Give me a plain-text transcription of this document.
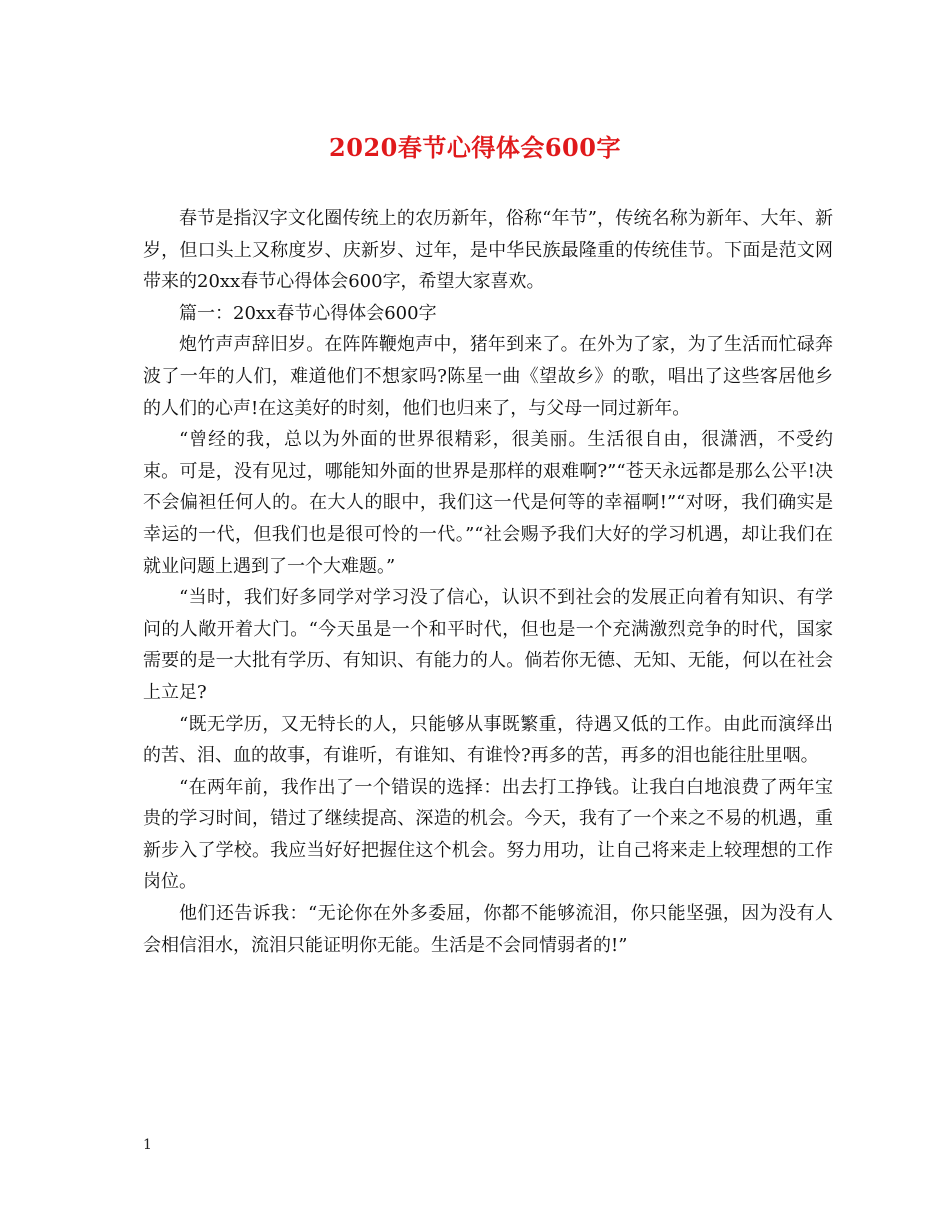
2020春节心得体会600字

春节是指汉字文化圈传统上的农历新年，俗称“年节”，传统名称为新年、大年、新岁，但口头上又称度岁、庆新岁、过年，是中华民族最隆重的传统佳节。下面是范文网带来的20xx春节心得体会600字，希望大家喜欢。

篇一：20xx春节心得体会600字

炮竹声声辞旧岁。在阵阵鞭炮声中，猪年到来了。在外为了家，为了生活而忙碌奔波了一年的人们，难道他们不想家吗?陈星一曲《望故乡》的歌，唱出了这些客居他乡的人们的心声!在这美好的时刻，他们也归来了，与父母一同过新年。

“曾经的我，总以为外面的世界很精彩，很美丽。生活很自由，很潇洒，不受约束。可是，没有见过，哪能知外面的世界是那样的艰难啊?”“苍天永远都是那么公平!决不会偏袒任何人的。在大人的眼中，我们这一代是何等的幸福啊!”“对呀，我们确实是幸运的一代，但我们也是很可怜的一代。”“社会赐予我们大好的学习机遇，却让我们在就业问题上遇到了一个大难题。”

“当时，我们好多同学对学习没了信心，认识不到社会的发展正向着有知识、有学问的人敞开着大门。“今天虽是一个和平时代，但也是一个充满激烈竞争的时代，国家需要的是一大批有学历、有知识、有能力的人。倘若你无德、无知、无能，何以在社会上立足?

“既无学历，又无特长的人，只能够从事既繁重，待遇又低的工作。由此而演绎出的苦、泪、血的故事，有谁听，有谁知、有谁怜?再多的苦，再多的泪也能往肚里咽。

“在两年前，我作出了一个错误的选择：出去打工挣钱。让我白白地浪费了两年宝贵的学习时间，错过了继续提高、深造的机会。今天，我有了一个来之不易的机遇，重新步入了学校。我应当好好把握住这个机会。努力用功，让自己将来走上较理想的工作岗位。

他们还告诉我：“无论你在外多委屈，你都不能够流泪，你只能坚强，因为没有人会相信泪水，流泪只能证明你无能。生活是不会同情弱者的!”

1
